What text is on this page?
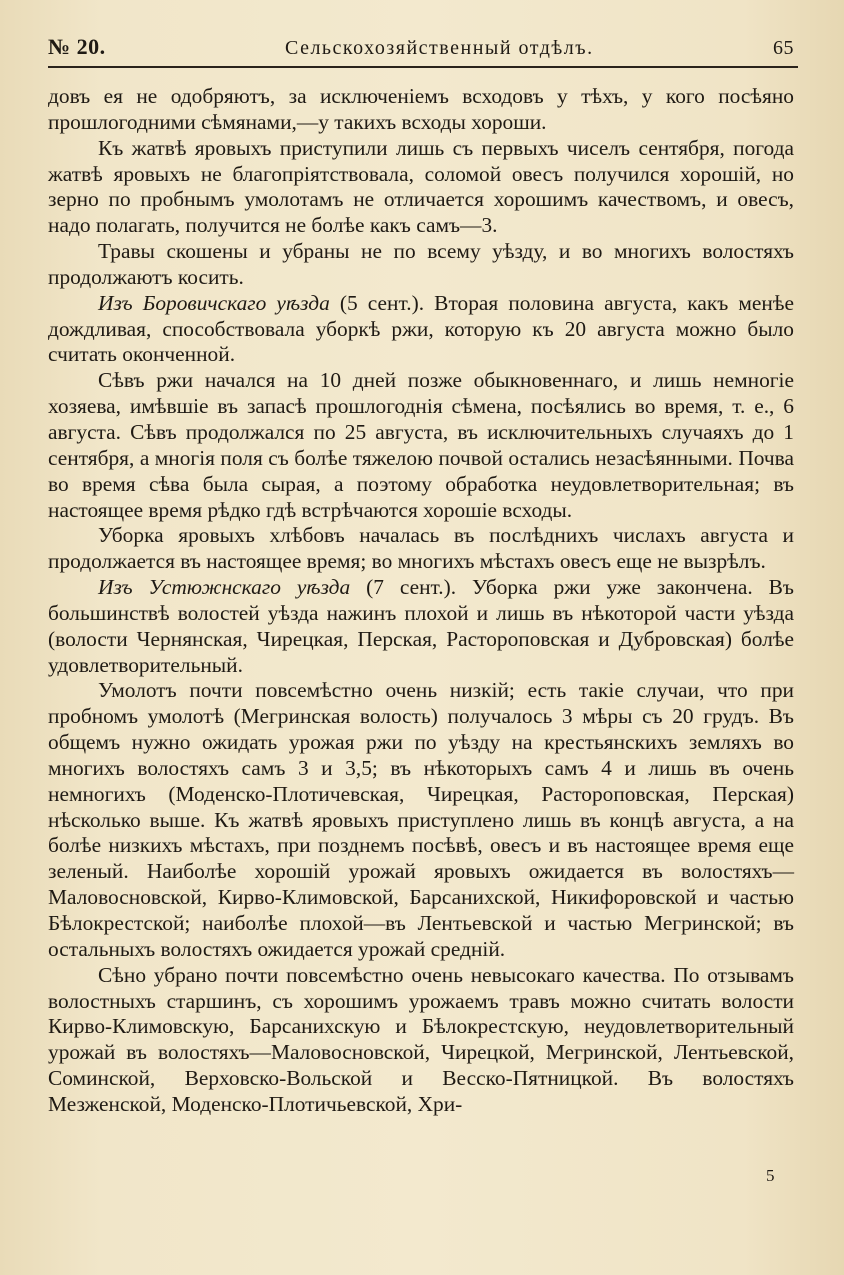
№ 20.	Сельскохозяйственный отдѣлъ.	65

довъ ея не одобряютъ, за исключеніемъ всходовъ у тѣхъ, у кого посѣяно прошлогодними сѣмянами,—у такихъ всходы хороши.

Къ жатвѣ яровыхъ приступили лишь съ первыхъ чиселъ сентября, погода жатвѣ яровыхъ не благопріятствовала, соломой овесъ получился хорошій, но зерно по пробнымъ умолотамъ не отличается хорошимъ качествомъ, и овесъ, надо полагать, получится не болѣе какъ самъ—3.

Травы скошены и убраны не по всему уѣзду, и во многихъ волостяхъ продолжаютъ косить.

Изъ Боровичскаго уѣзда (5 сент.). Вторая половина августа, какъ менѣе дождливая, способствовала уборкѣ ржи, которую къ 20 августа можно было считать оконченной.

Сѣвъ ржи начался на 10 дней позже обыкновеннаго, и лишь немногіе хозяева, имѣвшіе въ запасѣ прошлогоднія сѣмена, посѣялись во время, т. е., 6 августа. Сѣвъ продолжался по 25 августа, въ исключительныхъ случаяхъ до 1 сентября, а многія поля съ болѣе тяжелою почвой остались незасѣянными. Почва во время сѣва была сырая, а поэтому обработка неудовлетворительная; въ настоящее время рѣдко гдѣ встрѣчаются хорошіе всходы.

Уборка яровыхъ хлѣбовъ началась въ послѣднихъ числахъ августа и продолжается въ настоящее время; во многихъ мѣстахъ овесъ еще не вызрѣлъ.

Изъ Устюжнскаго уѣзда (7 сент.). Уборка ржи уже закончена. Въ большинствѣ волостей уѣзда нажинъ плохой и лишь въ нѣкоторой части уѣзда (волости Чернянская, Чирецкая, Перская, Растороповская и Дубровская) болѣе удовлетворительный.

Умолотъ почти повсемѣстно очень низкій; есть такіе случаи, что при пробномъ умолотѣ (Мегринская волость) получалось 3 мѣры съ 20 грудъ. Въ общемъ нужно ожидать урожая ржи по уѣзду на крестьянскихъ земляхъ во многихъ волостяхъ самъ 3 и 3,5; въ нѣкоторыхъ самъ 4 и лишь въ очень немногихъ (Моденско-Плотичевская, Чирецкая, Растороповская, Перская) нѣсколько выше. Къ жатвѣ яровыхъ приступлено лишь въ концѣ августа, а на болѣе низкихъ мѣстахъ, при позднемъ посѣвѣ, овесъ и въ настоящее время еще зеленый. Наиболѣе хорошій урожай яровыхъ ожидается въ волостяхъ—Маловосновской, Кирво-Климовской, Барсанихской, Никифоровской и частью Бѣлокрестской; наиболѣе плохой—въ Лентьевской и частью Мегринской; въ остальныхъ волостяхъ ожидается урожай средній.

Сѣно убрано почти повсемѣстно очень невысокаго качества. По отзывамъ волостныхъ старшинъ, съ хорошимъ урожаемъ травъ можно считать волости Кирво-Климовскую, Барсанихскую и Бѣлокрестскую, неудовлетворительный урожай въ волостяхъ—Маловосновской, Чирецкой, Мегринской, Лентьевской, Соминской, Верховско-Вольской и Весско-Пятницкой. Въ волостяхъ Мезженской, Моденско-Плотичьевской, Хри-

5
